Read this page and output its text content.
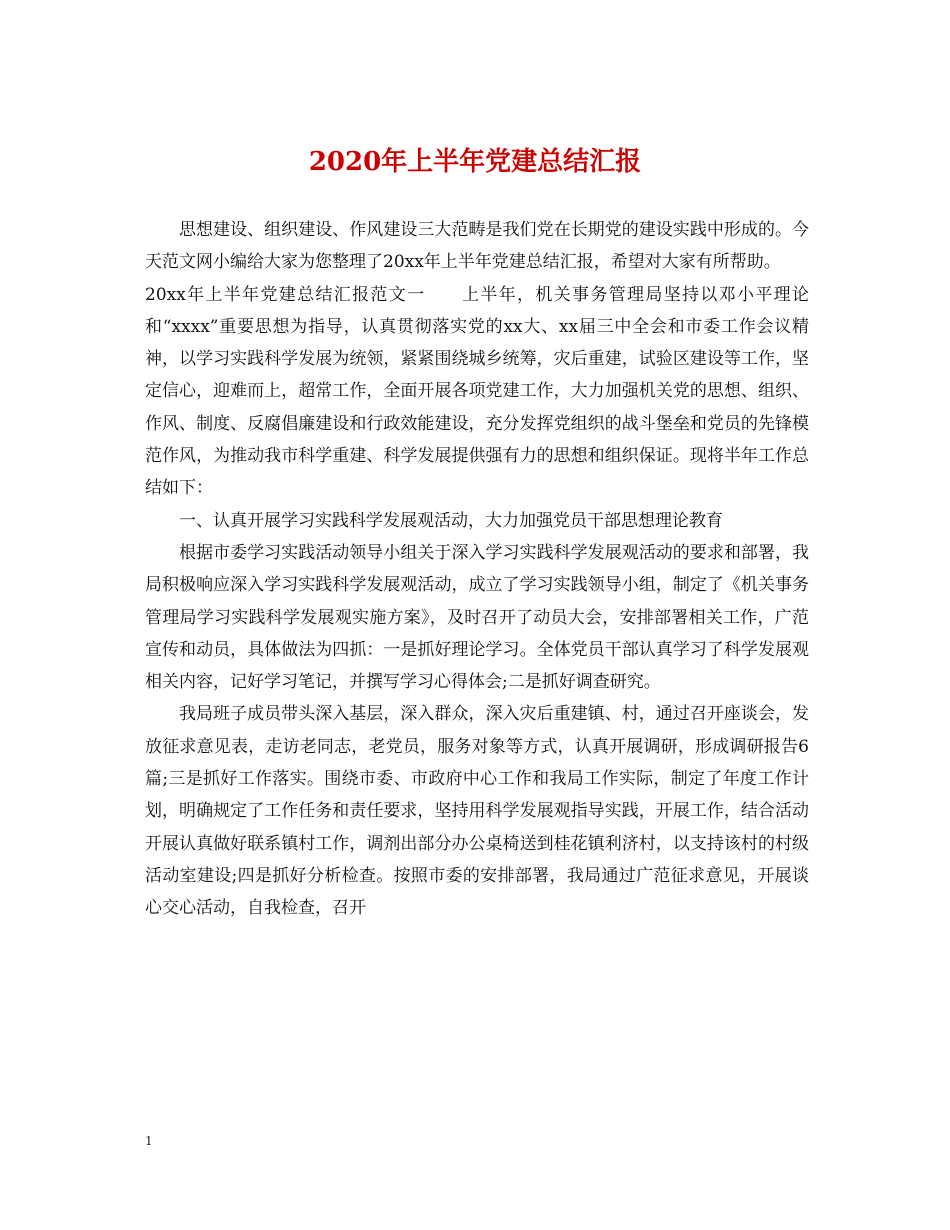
2020年上半年党建总结汇报

思想建设、组织建设、作风建设三大范畴是我们党在长期党的建设实践中形成的。今天范文网小编给大家为您整理了20xx年上半年党建总结汇报，希望对大家有所帮助。

20xx年上半年党建总结汇报范文一　　上半年，机关事务管理局坚持以邓小平理论和“xxxx”重要思想为指导，认真贯彻落实党的xx大、xx届三中全会和市委工作会议精神，以学习实践科学发展为统领，紧紧围绕城乡统筹，灾后重建，试验区建设等工作，坚定信心，迎难而上，超常工作，全面开展各项党建工作，大力加强机关党的思想、组织、作风、制度、反腐倡廉建设和行政效能建设，充分发挥党组织的战斗堡垒和党员的先锋模范作风，为推动我市科学重建、科学发展提供强有力的思想和组织保证。现将半年工作总结如下：

一、认真开展学习实践科学发展观活动，大力加强党员干部思想理论教育

根据市委学习实践活动领导小组关于深入学习实践科学发展观活动的要求和部署，我局积极响应深入学习实践科学发展观活动，成立了学习实践领导小组，制定了《机关事务管理局学习实践科学发展观实施方案》，及时召开了动员大会，安排部署相关工作，广范宣传和动员，具体做法为四抓：一是抓好理论学习。全体党员干部认真学习了科学发展观相关内容，记好学习笔记，并撰写学习心得体会;二是抓好调查研究。

我局班子成员带头深入基层，深入群众，深入灾后重建镇、村，通过召开座谈会，发放征求意见表，走访老同志，老党员，服务对象等方式，认真开展调研，形成调研报告6篇;三是抓好工作落实。围绕市委、市政府中心工作和我局工作实际，制定了年度工作计划，明确规定了工作任务和责任要求，坚持用科学发展观指导实践，开展工作，结合活动开展认真做好联系镇村工作，调剂出部分办公桌椅送到桂花镇利济村，以支持该村的村级活动室建设;四是抓好分析检查。按照市委的安排部署，我局通过广范征求意见，开展谈心交心活动，自我检查，召开

1
